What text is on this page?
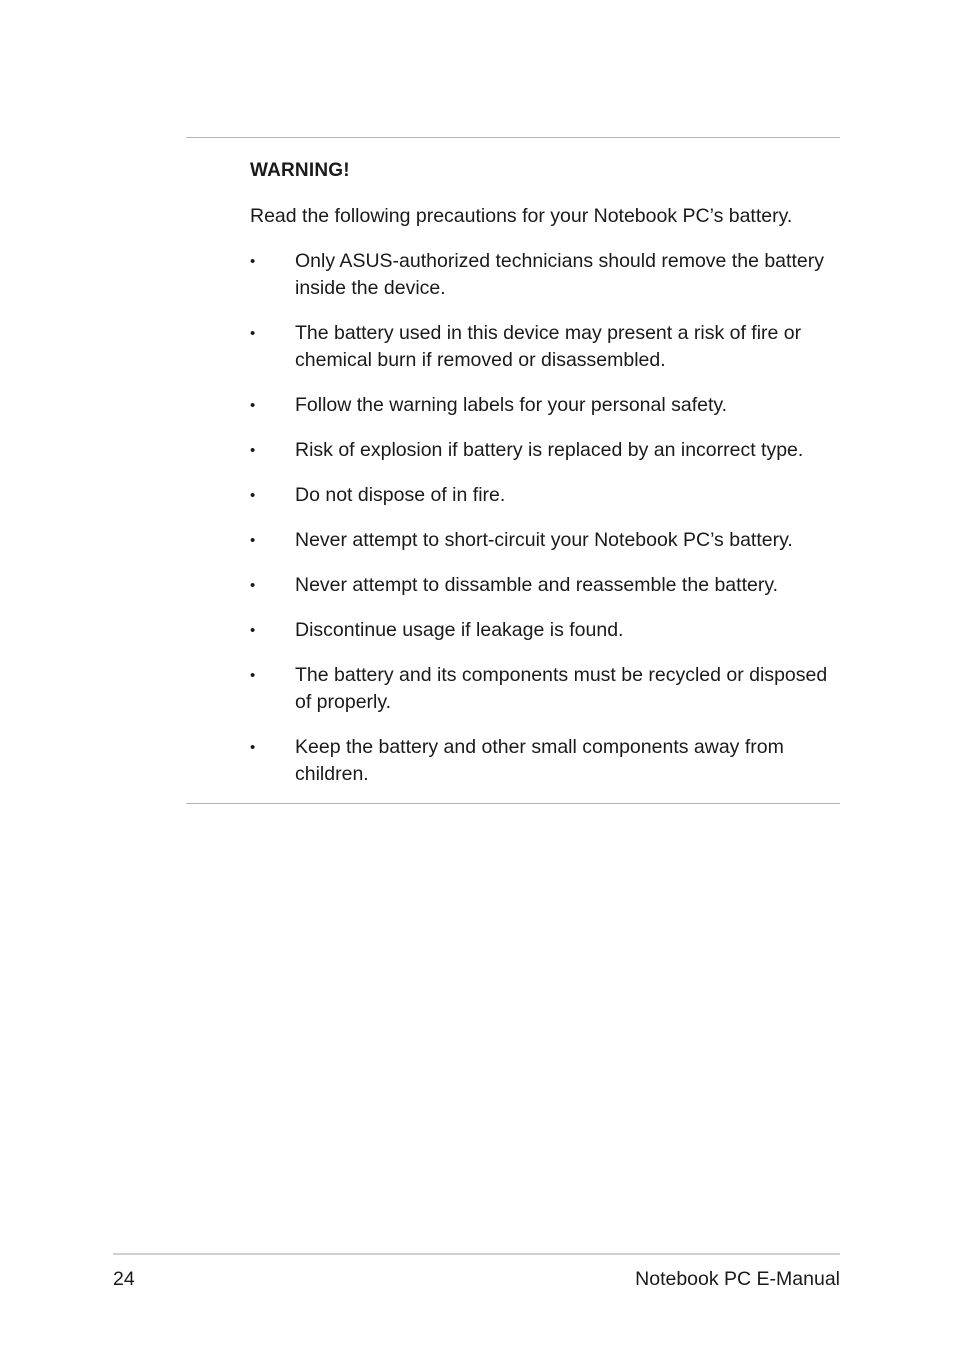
WARNING!
Read the following precautions for your Notebook PC’s battery.
• Only ASUS-authorized technicians should remove the battery inside the device.
• The battery used in this device may present a risk of fire or chemical burn if removed or disassembled.
• Follow the warning labels for your personal safety.
• Risk of explosion if battery is replaced by an incorrect type.
• Do not dispose of in fire.
• Never attempt to short-circuit your Notebook PC’s battery.
• Never attempt to dissamble and reassemble the battery.
• Discontinue usage if leakage is found.
• The battery and its components must be recycled or disposed of properly.
• Keep the battery and other small components away from children.
24	Notebook PC E-Manual
